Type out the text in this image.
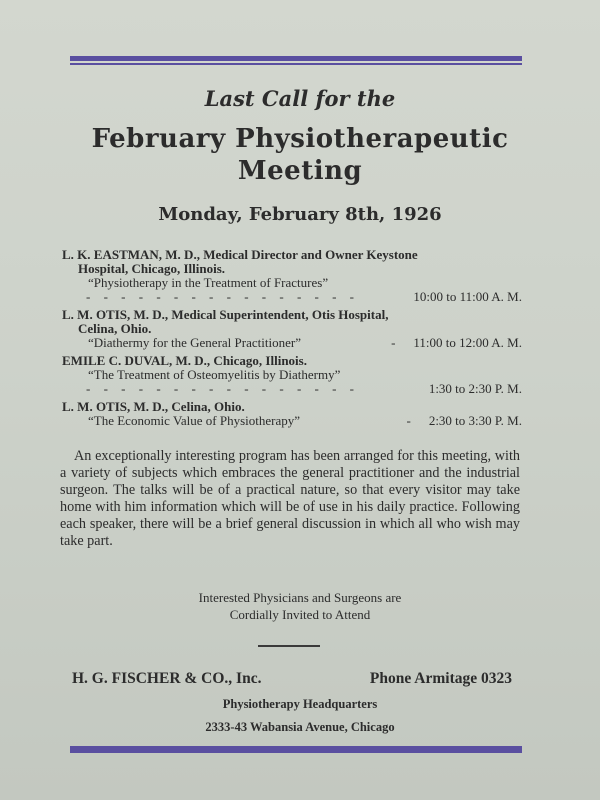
Last Call for the
February Physiotherapeutic
Meeting
Monday, February 8th, 1926
L. K. EASTMAN, M. D., Medical Director and Owner Keystone
Hospital, Chicago, Illinois.
“Physiotherapy in the Treatment of Fractures”
- - - - - - - - - - - - - - - -	10:00 to 11:00 A. M.
L. M. OTIS, M. D., Medical Superintendent, Otis Hospital,
Celina, Ohio.
“Diathermy for the General Practitioner”	-	11:00 to 12:00 A. M.
EMILE C. DUVAL, M. D., Chicago, Illinois.
“The Treatment of Osteomyelitis by Diathermy”
- - - - - - - - - - - - - - - -	1:30 to 2:30 P. M.
L. M. OTIS, M. D., Celina, Ohio.
“The Economic Value of Physiotherapy”	-	2:30 to 3:30 P. M.
An exceptionally interesting program has been arranged for this meeting, with a variety of subjects which embraces the general practitioner and the industrial surgeon. The talks will be of a practical nature, so that every visitor may take home with him information which will be of use in his daily practice. Following each speaker, there will be a brief general discussion in which all who wish may take part.
Interested Physicians and Surgeons are
Cordially Invited to Attend
H. G. FISCHER & CO., Inc.	Phone Armitage 0323
Physiotherapy Headquarters
2333-43 Wabansia Avenue, Chicago
